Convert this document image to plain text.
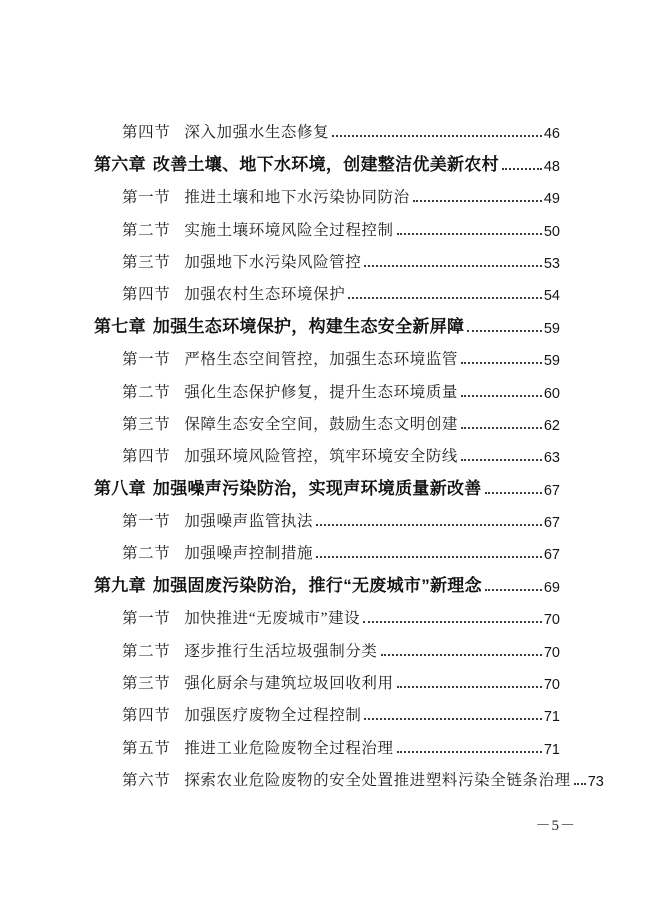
第四节 深入加强水生态修复	46
第六章 改善土壤、地下水环境，创建整洁优美新农村	48
第一节 推进土壤和地下水污染协同防治	49
第二节 实施土壤环境风险全过程控制	50
第三节 加强地下水污染风险管控	53
第四节 加强农村生态环境保护	54
第七章 加强生态环境保护，构建生态安全新屏障	59
第一节 严格生态空间管控，加强生态环境监管	59
第二节 强化生态保护修复，提升生态环境质量	60
第三节 保障生态安全空间，鼓励生态文明创建	62
第四节 加强环境风险管控，筑牢环境安全防线	63
第八章 加强噪声污染防治，实现声环境质量新改善	67
第一节 加强噪声监管执法	67
第二节 加强噪声控制措施	67
第九章 加强固废污染防治，推行“无废城市”新理念	69
第一节 加快推进“无废城市”建设	70
第二节 逐步推行生活垃圾强制分类	70
第三节 强化厨余与建筑垃圾回收利用	70
第四节 加强医疗废物全过程控制	71
第五节 推进工业危险废物全过程治理	71
第六节 探索农业危险废物的安全处置推进塑料污染全链条治理 73
－5－
